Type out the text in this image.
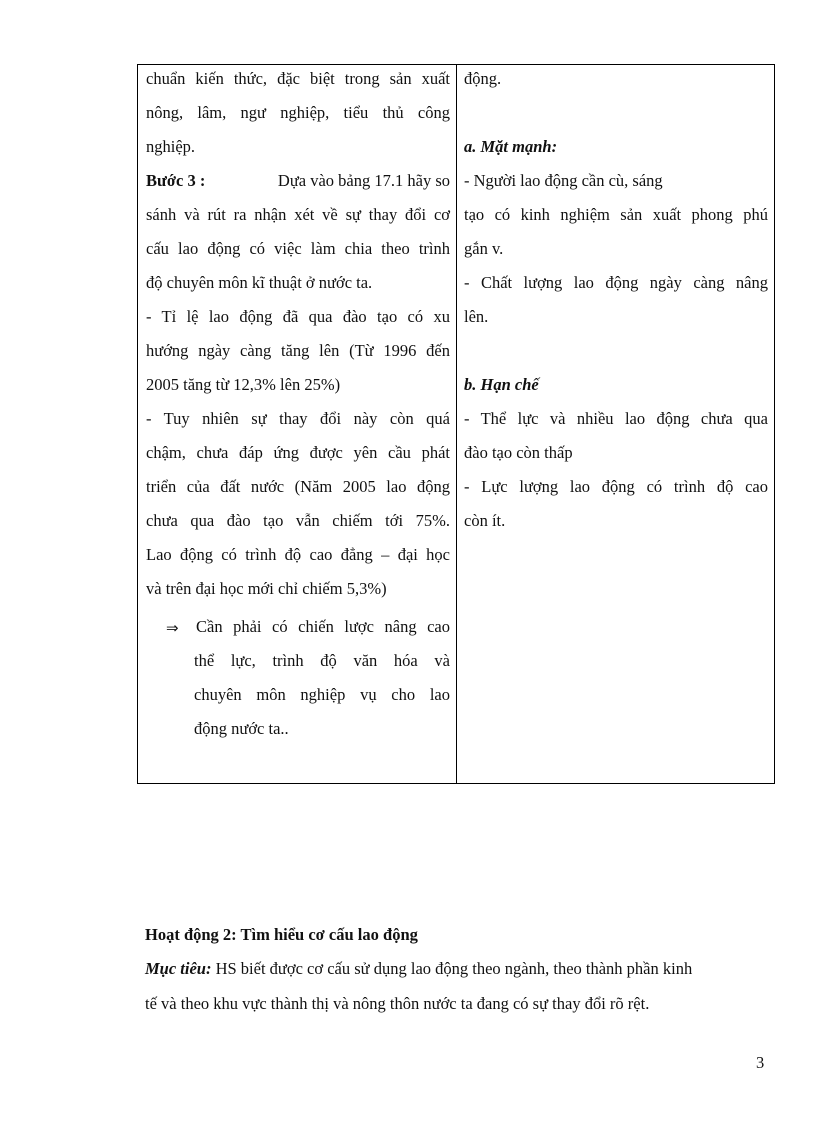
chuẩn kiến thức, đặc biệt trong sản xuất
nông, lâm, ngư nghiệp, tiểu thủ công
nghiệp.
Bước 3 :	Dựa vào bảng 17.1 hãy so
sánh và rút ra nhận xét về sự thay đổi cơ
cấu lao động có việc làm chia theo trình
độ chuyên môn kĩ thuật ở nước ta.
- Tỉ lệ lao động đã qua đào tạo có xu
hướng ngày càng tăng lên (Từ 1996 đến
2005 tăng từ 12,3% lên 25%)
- Tuy nhiên sự thay đổi này còn quá
chậm, chưa đáp ứng được yên cầu phát
triển của đất nước (Năm 2005 lao động
chưa qua đào tạo vẫn chiếm tới 75%.
Lao động có trình độ cao đẳng – đại học
và trên đại học mới chỉ chiếm 5,3%)
⇒ Cần phải có chiến lược nâng cao
thể lực, trình độ văn hóa và
chuyên môn nghiệp vụ cho lao
động nước ta..
động.
a. Mặt mạnh:
- Người lao động cần cù, sáng
tạo có kinh nghiệm sản xuất phong phú
gắn v.
- Chất lượng lao động ngày càng nâng
lên.
b. Hạn chế
- Thể lực và nhiều lao động chưa qua
đào tạo còn thấp
- Lực lượng lao động có trình độ cao
còn ít.
Hoạt động 2: Tìm hiểu cơ cấu lao động
Mục tiêu: HS biết được cơ cấu sử dụng lao động theo ngành, theo thành phần kinh
tế và theo khu vực thành thị và nông thôn nước ta đang có sự thay đổi rõ rệt.
3
